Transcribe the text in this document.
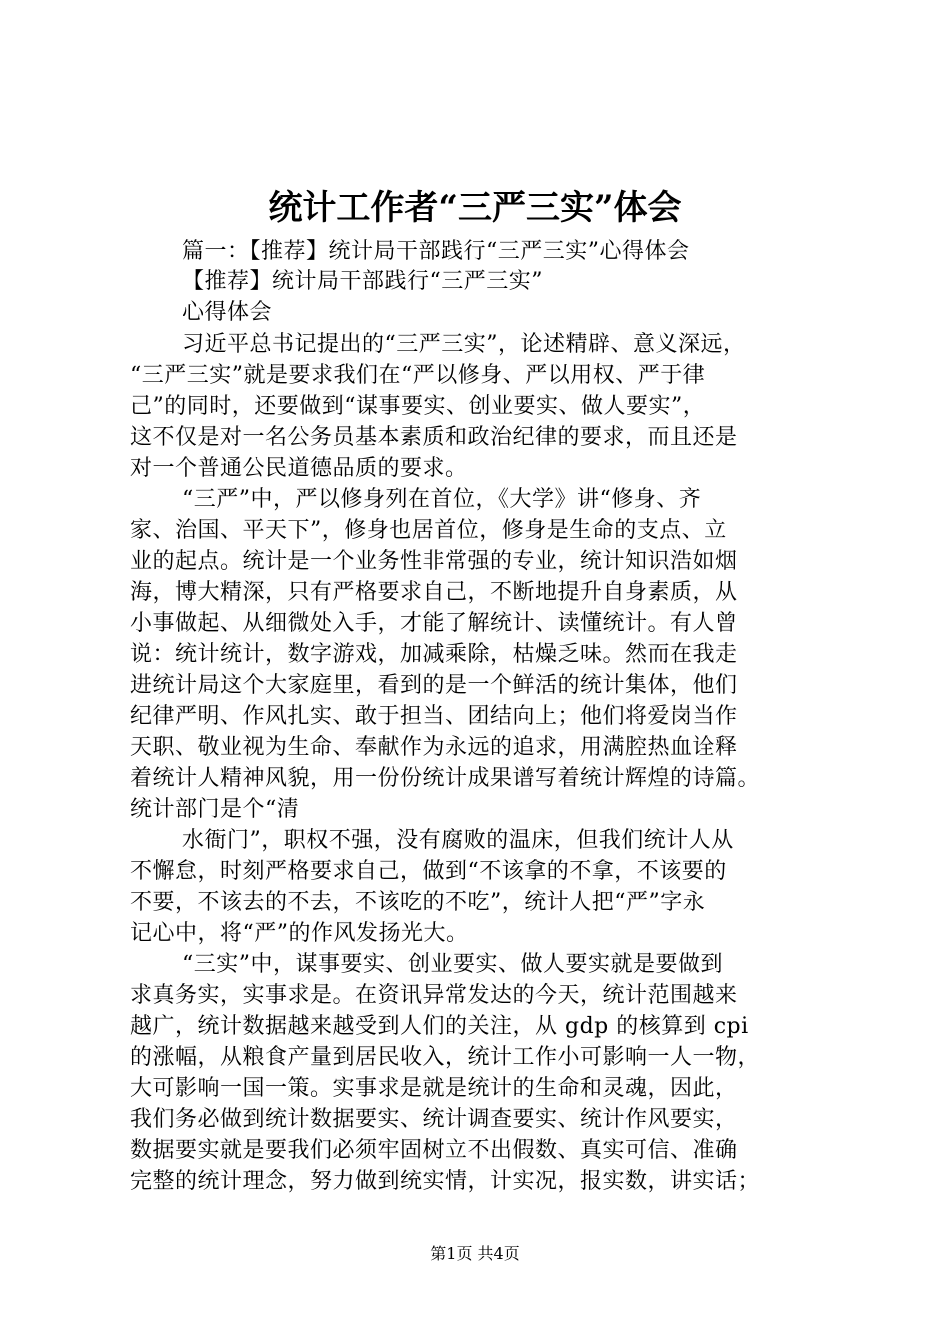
统计工作者“三严三实”体会
篇一：【推荐】统计局干部践行“三严三实”心得体会
【推荐】统计局干部践行“三严三实”
心得体会
习近平总书记提出的“三严三实”，论述精辟、意义深远，
“三严三实”就是要求我们在“严以修身、严以用权、严于律
己”的同时，还要做到“谋事要实、创业要实、做人要实”，
这不仅是对一名公务员基本素质和政治纪律的要求，而且还是
对一个普通公民道德品质的要求。
“三严”中，严以修身列在首位，《大学》讲“修身、齐
家、治国、平天下”，修身也居首位，修身是生命的支点、立
业的起点。统计是一个业务性非常强的专业，统计知识浩如烟
海，博大精深，只有严格要求自己，不断地提升自身素质，从
小事做起、从细微处入手，才能了解统计、读懂统计。有人曾
说：统计统计，数字游戏，加减乘除，枯燥乏味。然而在我走
进统计局这个大家庭里，看到的是一个鲜活的统计集体，他们
纪律严明、作风扎实、敢于担当、团结向上；他们将爱岗当作
天职、敬业视为生命、奉献作为永远的追求，用满腔热血诠释
着统计人精神风貌，用一份份统计成果谱写着统计辉煌的诗篇。
统计部门是个“清
水衙门”，职权不强，没有腐败的温床，但我们统计人从
不懈怠，时刻严格要求自己，做到“不该拿的不拿，不该要的
不要，不该去的不去，不该吃的不吃”，统计人把“严”字永
记心中，将“严”的作风发扬光大。
“三实”中，谋事要实、创业要实、做人要实就是要做到
求真务实，实事求是。在资讯异常发达的今天，统计范围越来
越广，统计数据越来越受到人们的关注，从 gdp 的核算到 cpi
的涨幅，从粮食产量到居民收入，统计工作小可影响一人一物，
大可影响一国一策。实事求是就是统计的生命和灵魂，因此，
我们务必做到统计数据要实、统计调查要实、统计作风要实，
数据要实就是要我们必须牢固树立不出假数、真实可信、准确
完整的统计理念，努力做到统实情，计实况，报实数，讲实话；
第1页 共4页
